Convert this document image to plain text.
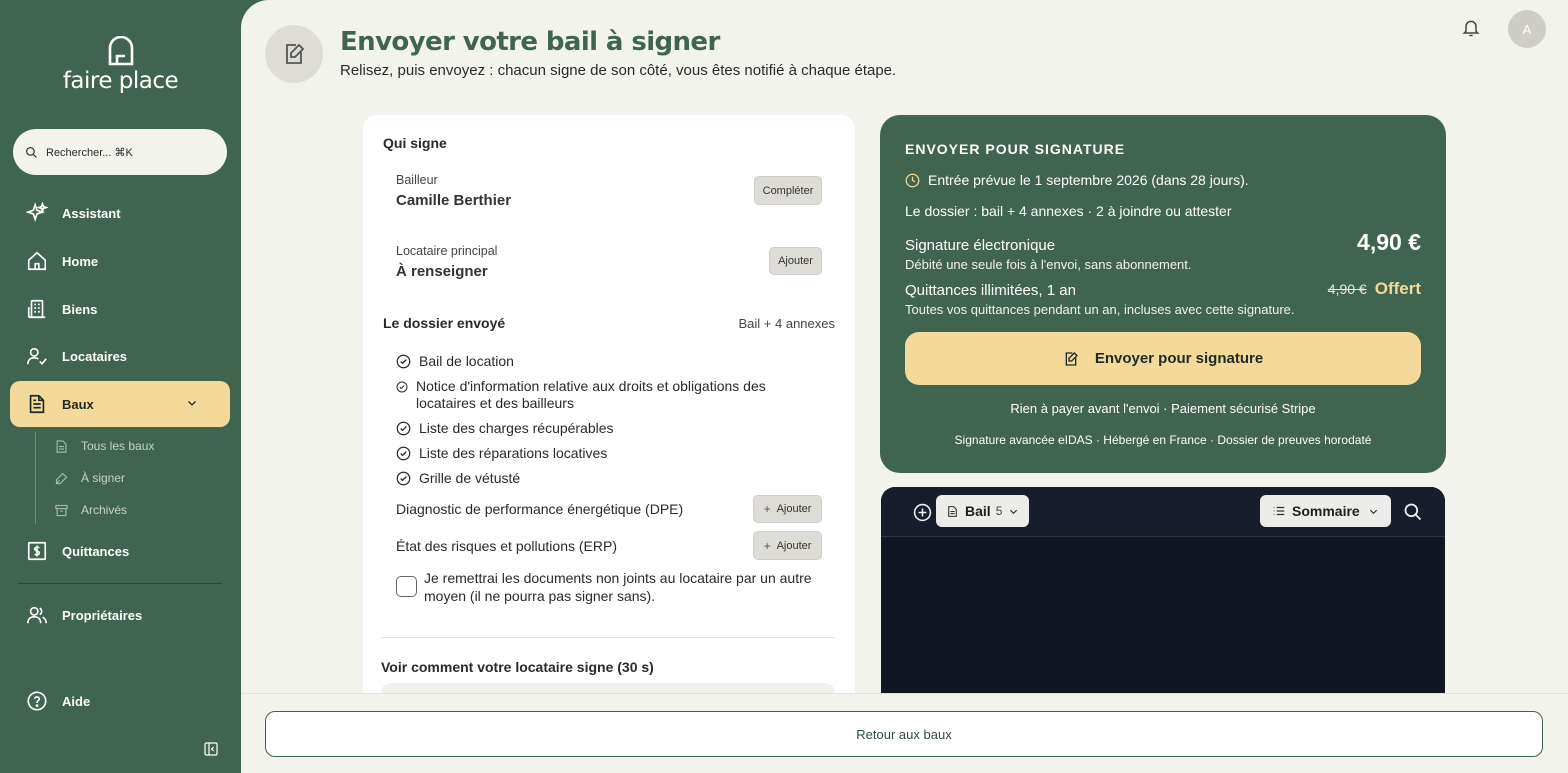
faire place
Rechercher... ⌘K
Assistant
Home
Biens
Locataires
Baux
Tous les baux
À signer
Archivés
Quittances
Propriétaires
Aide
Envoyer votre bail à signer

Relisez, puis envoyez : chacun signe de son côté, vous êtes notifié à chaque étape.

A
Qui signe
Bailleur
Camille Berthier
Compléter
Locataire principal
À renseigner
Ajouter
Le dossier envoyé	Bail + 4 annexes
Bail de location
Notice d'information relative aux droits et obligations des locataires et des bailleurs
Liste des charges récupérables
Liste des réparations locatives
Grille de vétusté
Diagnostic de performance énergétique (DPE)	+ Ajouter
État des risques et pollutions (ERP)	+ Ajouter
Je remettrai les documents non joints au locataire par un autre moyen (il ne pourra pas signer sans).
Voir comment votre locataire signe (30 s)
ENVOYER POUR SIGNATURE
Entrée prévue le 1 septembre 2026 (dans 28 jours).
Le dossier : bail + 4 annexes · 2 à joindre ou attester
Signature électronique
Débité une seule fois à l'envoi, sans abonnement.
4,90 €
Quittances illimitées, 1 an
Toutes vos quittances pendant un an, incluses avec cette signature.
4,90 € Offert
Envoyer pour signature
Rien à payer avant l'envoi · Paiement sécurisé Stripe
Signature avancée eIDAS · Hébergé en France · Dossier de preuves horodaté
Bail 5	Sommaire
Retour aux baux
